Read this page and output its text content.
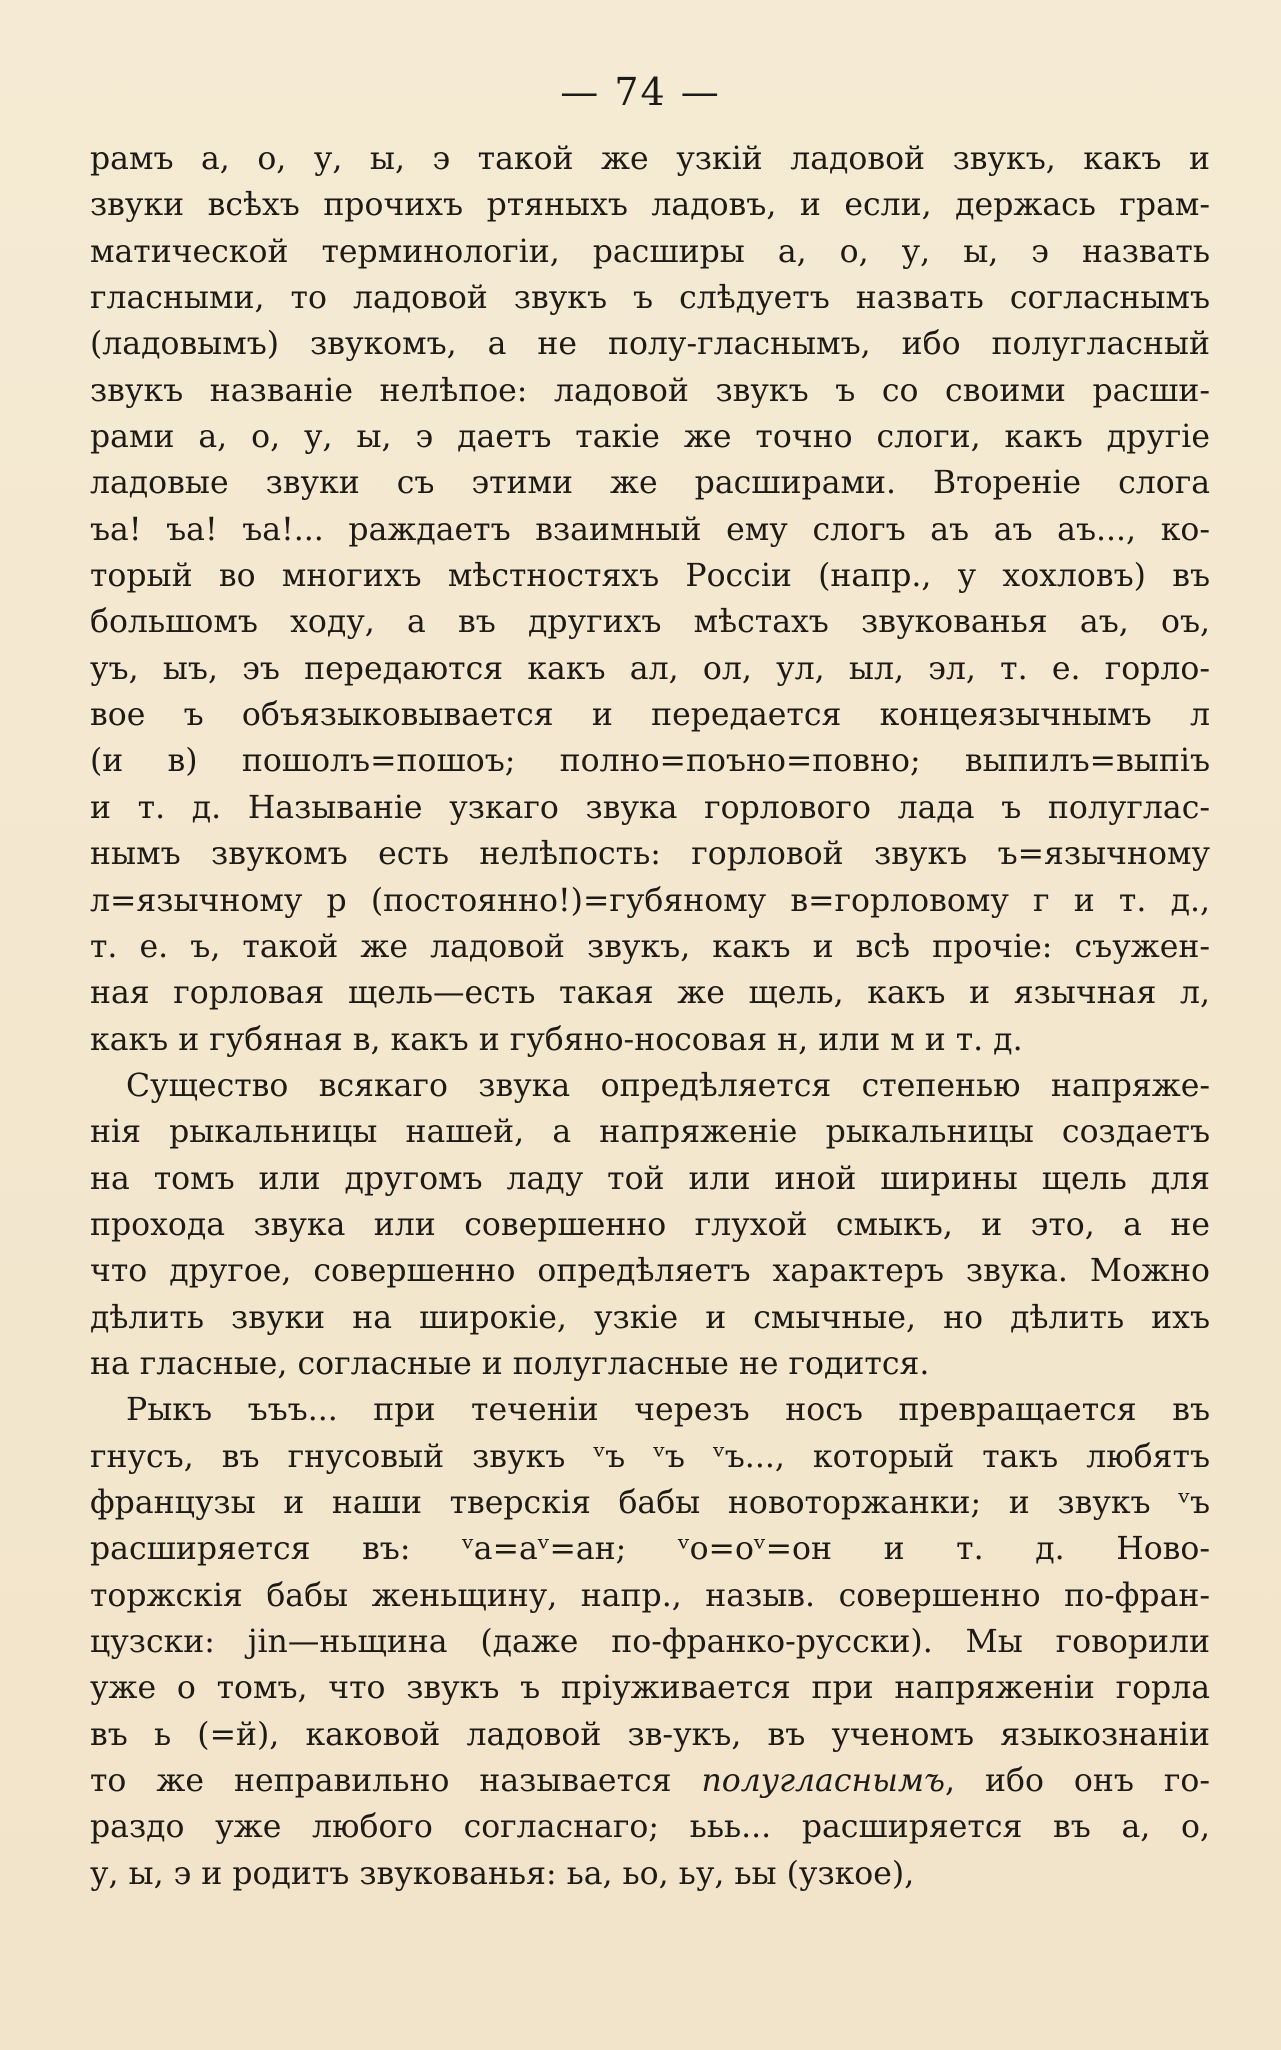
— 74 —
рамъ а, о, у, ы, э такой же узкій ладовой звукъ, какъ и
звуки всѣхъ прочихъ ртяныхъ ладовъ, и если, держась грам-
матической терминологіи, расширы а, о, у, ы, э назвать
гласными, то ладовой звукъ ъ слѣдуетъ назвать согласнымъ
(ладовымъ) звукомъ, а не полу-гласнымъ, ибо полугласный
звукъ названіе нелѣпое: ладовой звукъ ъ со своими расши-
рами а, о, у, ы, э даетъ такіе же точно слоги, какъ другіе
ладовые звуки съ этими же расширами. Втореніе слога
ъа! ъа! ъа!... раждаетъ взаимный ему слогъ аъ аъ аъ..., ко-
торый во многихъ мѣстностяхъ Россіи (напр., у хохловъ) въ
большомъ ходу, а въ другихъ мѣстахъ звукованья аъ, оъ,
уъ, ыъ, эъ передаются какъ ал, ол, ул, ыл, эл, т. е. горло-
вое ъ объязыковывается и передается концеязычнымъ л
(и в) пошолъ=пошоъ; полно=поъно=повно; выпилъ=выпіъ
и т. д. Называніе узкаго звука горлового лада ъ полуглас-
нымъ звукомъ есть нелѣпость: горловой звукъ ъ=язычному
л=язычному р (постоянно!)=губяному в=горловому г и т. д.,
т. е. ъ, такой же ладовой звукъ, какъ и всѣ прочіе: съужен-
ная горловая щель—есть такая же щель, какъ и язычная л,
какъ и губяная в, какъ и губяно-носовая н, или м и т. д.
Существо всякаго звука опредѣляется степенью напряже-
нія рыкальницы нашей, а напряженіе рыкальницы создаетъ
на томъ или другомъ ладу той или иной ширины щель для
прохода звука или совершенно глухой смыкъ, и это, а не
что другое, совершенно опредѣляетъ характеръ звука. Можно
дѣлить звуки на широкіе, узкіе и смычные, но дѣлить ихъ
на гласные, согласные и полугласные не годится.
Рыкъ ъъъ... при теченіи черезъ носъ превращается въ
гнусъ, въ гнусовый звукъ ᵛъ ᵛъ ᵛъ..., который такъ любятъ
французы и наши тверскія бабы новоторжанки; и звукъ ᵛъ
расширяется въ: ᵛа=аᵛ=ан; ᵛо=оᵛ=он и т. д. Ново-
торжскія бабы женьщину, напр., назыв. совершенно по-фран-
цузски: jin—ньщина (даже по-франко-русски). Мы говорили
уже о томъ, что звукъ ъ пріуживается при напряженіи горла
въ ь (=й), каковой ладовой зв-укъ, въ ученомъ языкознаніи
то же неправильно называется полугласнымъ, ибо онъ го-
раздо уже любого согласнаго; ььь... расширяется въ а, о,
у, ы, э и родитъ звукованья: ьа, ьо, ьу, ьы (узкое),
